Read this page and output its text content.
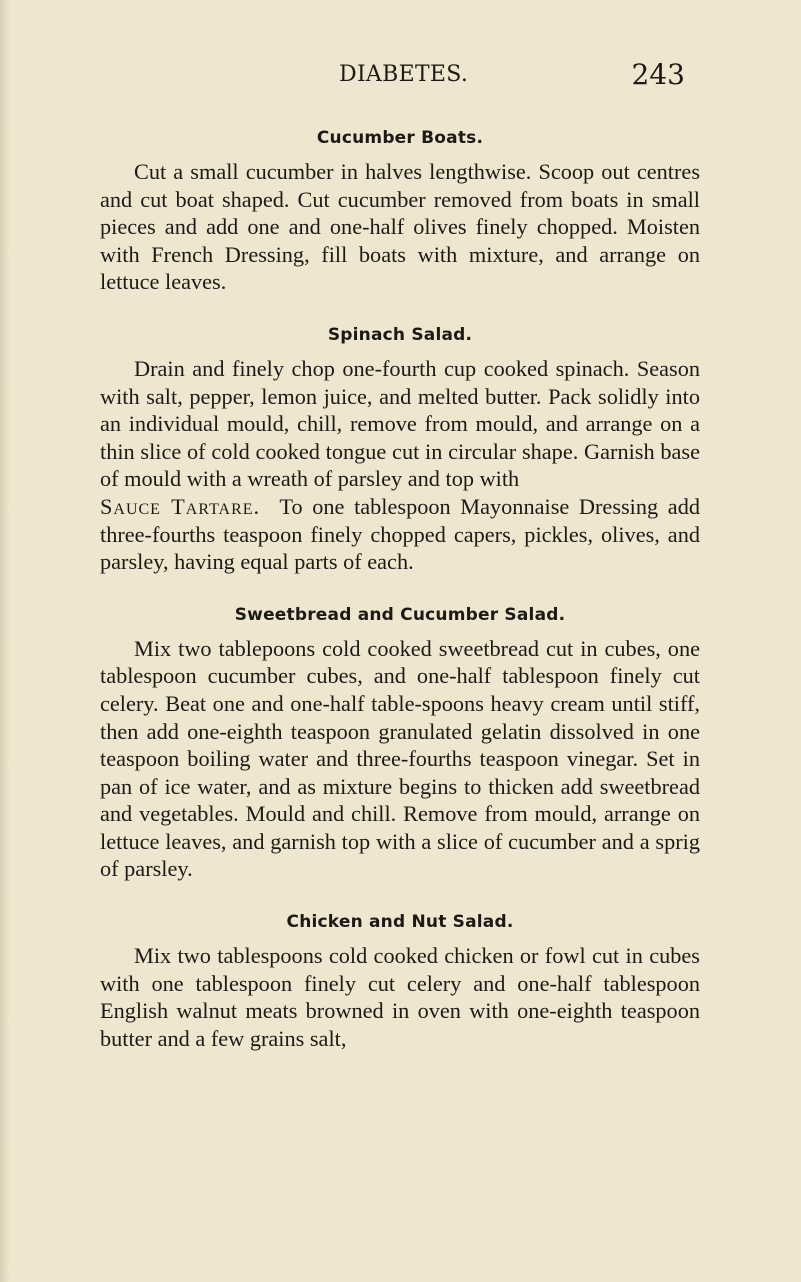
DIABETES.	243
Cucumber Boats.

Cut a small cucumber in halves lengthwise. Scoop out centres and cut boat shaped. Cut cucumber removed from boats in small pieces and add one and one-half olives finely chopped. Moisten with French Dressing, fill boats with mixture, and arrange on lettuce leaves.

Spinach Salad.

Drain and finely chop one-fourth cup cooked spinach. Season with salt, pepper, lemon juice, and melted butter. Pack solidly into an individual mould, chill, remove from mould, and arrange on a thin slice of cold cooked tongue cut in circular shape. Garnish base of mould with a wreath of parsley and top with

Sauce Tartare. To one tablespoon Mayonnaise Dressing add three-fourths teaspoon finely chopped capers, pickles, olives, and parsley, having equal parts of each.

Sweetbread and Cucumber Salad.

Mix two tablepoons cold cooked sweetbread cut in cubes, one tablespoon cucumber cubes, and one-half tablespoon finely cut celery. Beat one and one-half table-spoons heavy cream until stiff, then add one-eighth teaspoon granulated gelatin dissolved in one teaspoon boiling water and three-fourths teaspoon vinegar. Set in pan of ice water, and as mixture begins to thicken add sweetbread and vegetables. Mould and chill. Remove from mould, arrange on lettuce leaves, and garnish top with a slice of cucumber and a sprig of parsley.

Chicken and Nut Salad.

Mix two tablespoons cold cooked chicken or fowl cut in cubes with one tablespoon finely cut celery and one-half tablespoon English walnut meats browned in oven with one-eighth teaspoon butter and a few grains salt,
